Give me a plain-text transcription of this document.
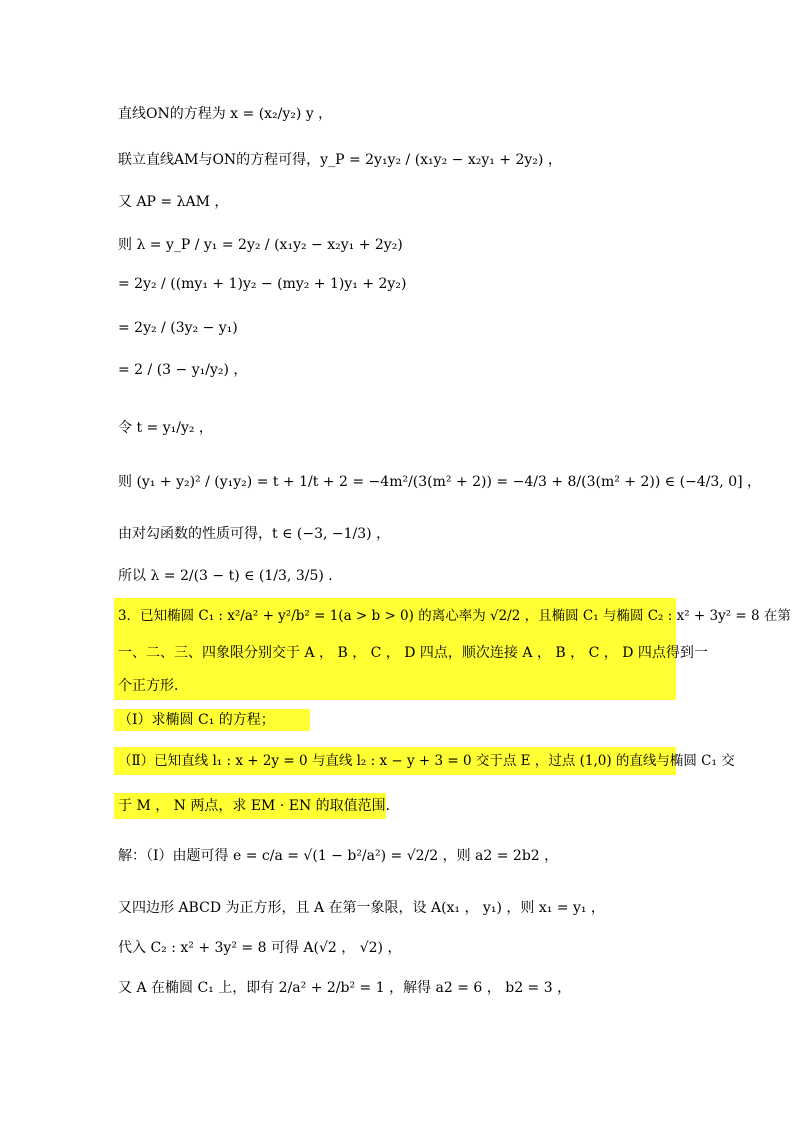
直线ON的方程为 x = (x₂/y₂) y ，
联立直线AM与ON的方程可得，y_P = 2y₁y₂ / (x₁y₂ − x₂y₁ + 2y₂) ，
又 AP = λAM ，
则 λ = y_P / y₁ = 2y₂ / (x₁y₂ − x₂y₁ + 2y₂)
= 2y₂ / ((my₁ + 1)y₂ − (my₂ + 1)y₁ + 2y₂)
= 2y₂ / (3y₂ − y₁)
= 2 / (3 − y₁/y₂) ，
令 t = y₁/y₂ ，
则 (y₁ + y₂)² / (y₁y₂) = t + 1/t + 2 = −4m²/(3(m² + 2)) = −4/3 + 8/(3(m² + 2)) ∈ (−4/3, 0] ，
由对勾函数的性质可得，t ∈ (−3, −1/3) ，
所以 λ = 2/(3 − t) ∈ (1/3, 3/5) ．
3．已知椭圆 C₁ : x²/a² + y²/b² = 1(a > b > 0) 的离心率为 √2/2 ，且椭圆 C₁ 与椭圆 C₂ : x² + 3y² = 8 在第
一、二、三、四象限分别交于 A ， B ， C ， D 四点，顺次连接 A ， B ， C ， D 四点得到一
个正方形．
（Ⅰ）求椭圆 C₁ 的方程；
（Ⅱ）已知直线 l₁ : x + 2y = 0 与直线 l₂ : x − y + 3 = 0 交于点 E ，过点 (1,0) 的直线与椭圆 C₁ 交
于 M ， N 两点，求 EM · EN 的取值范围．
解：（Ⅰ）由题可得 e = c/a = √(1 − b²/a²) = √2/2 ，则 a2 = 2b2 ，
又四边形 ABCD 为正方形，且 A 在第一象限，设 A(x₁ ， y₁) ，则 x₁ = y₁ ，
代入 C₂ : x² + 3y² = 8 可得 A(√2 ， √2) ，
又 A 在椭圆 C₁ 上，即有 2/a² + 2/b² = 1 ，解得 a2 = 6 ， b2 = 3 ，
